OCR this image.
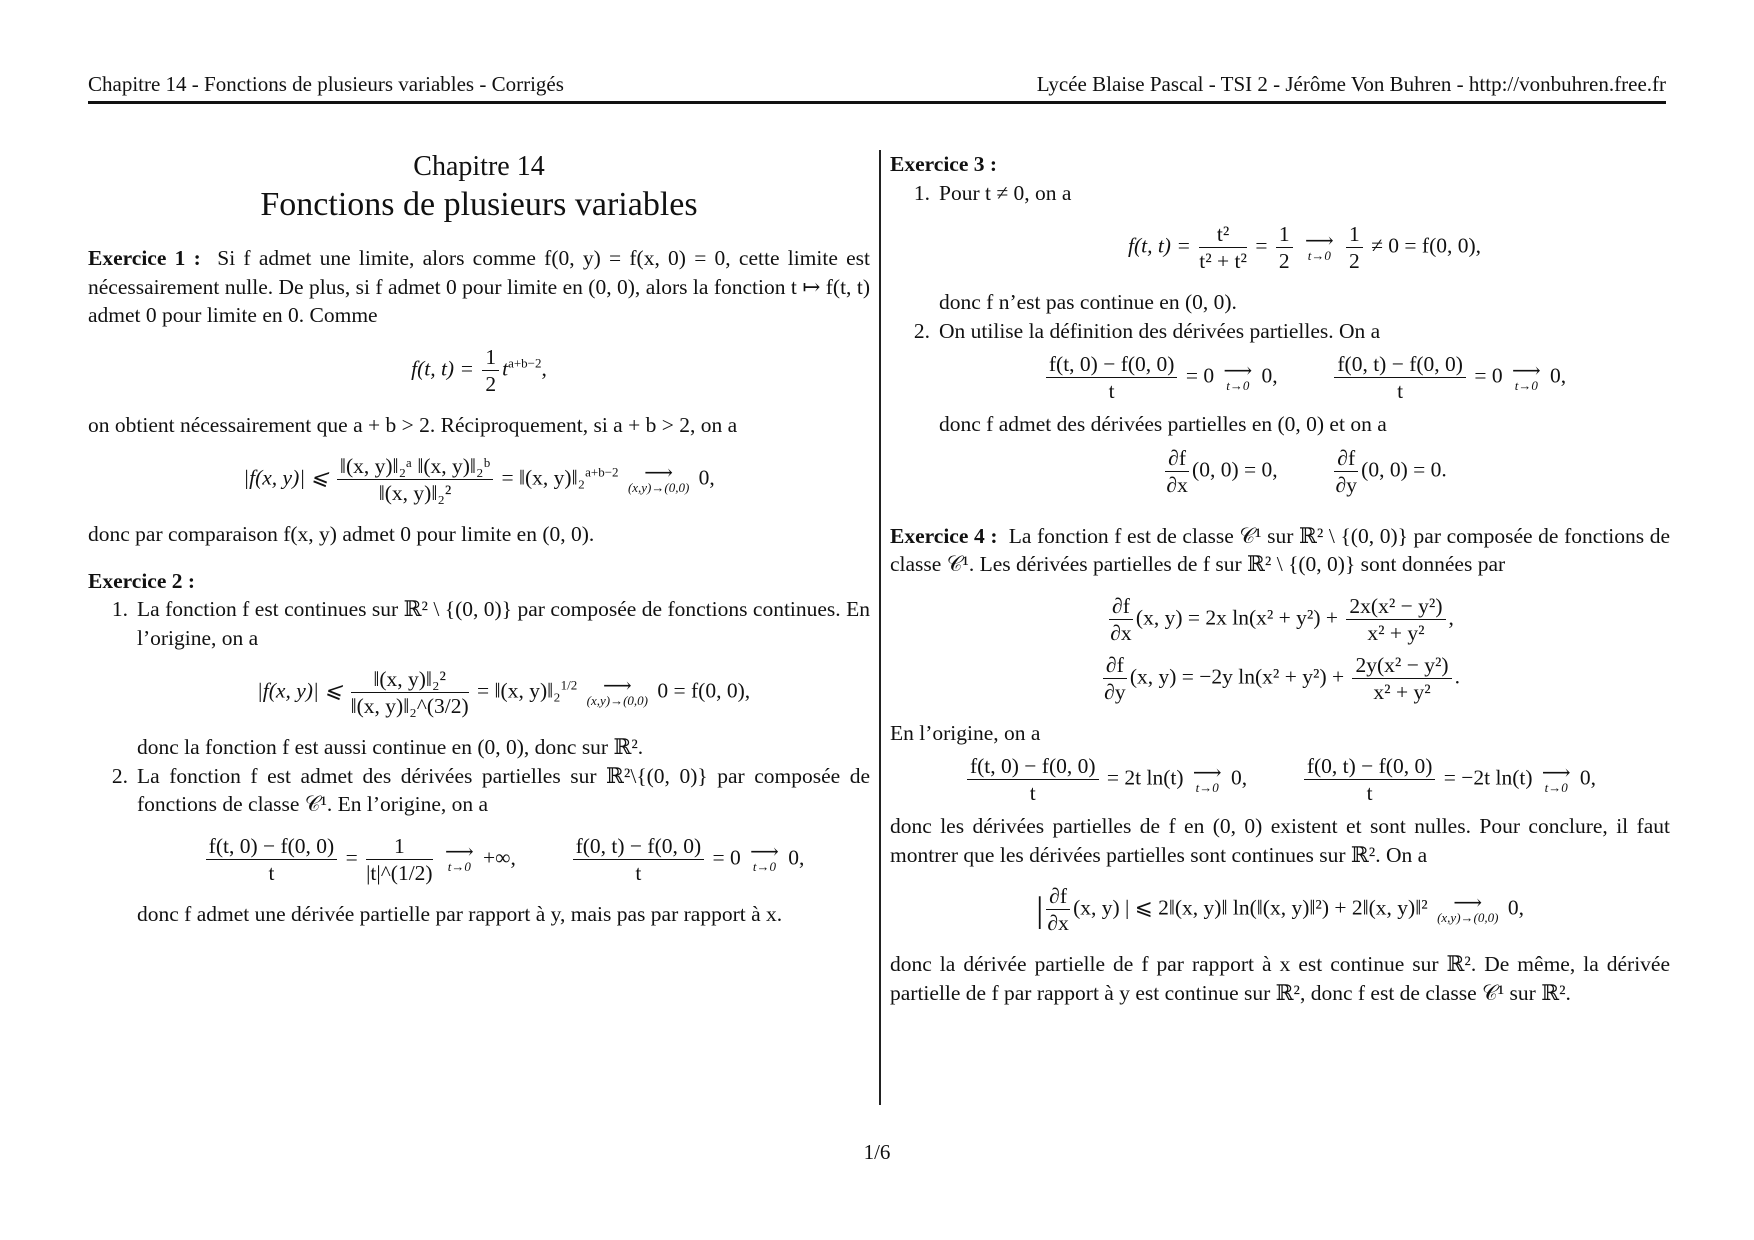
Chapitre 14 - Fonctions de plusieurs variables - Corrigés	Lycée Blaise Pascal - TSI 2 - Jérôme Von Buhren - http://vonbuhren.free.fr
Chapitre 14
Fonctions de plusieurs variables

Exercice 1 : Si f admet une limite, alors comme f(0, y) = f(x, 0) = 0, cette limite est nécessairement nulle. De plus, si f admet 0 pour limite en (0, 0), alors la fonction t ↦ f(t, t) admet 0 pour limite en 0. Comme

f(t, $t) = \frac{1}{2} t^{a+b-2}$,

on obtient nécessairement que a + b > 2. Réciproquement, si a + b > 2, on a

|f(x, y)| ⩽ $\frac{\text{‖(x, y)‖₂ᵃ ‖(x, y)‖₂ᵇ}}{\text{‖(x, y)‖₂²}}$ = ‖(x, y)‖₂$^{a+b-2}$ ⟶
(x,y)→(0,0) 0,

donc par comparaison f(x, y) admet 0 pour limite en (0, 0).

Exercice 2 :

1. La fonction f est continues sur ℝ² \ {(0, 0)} par composée de fonctions continues. En l’origine, on a

|f(x, y)| ⩽ $\frac{\text{‖(x, y)‖₂²}}{\text{‖(x, y)‖₂\textasciicircum{}(3/2)}}$ = ‖(x, y)‖₂$^{1/2}$ ⟶
(x,y)→(0,0) 0 = f(0, 0),

donc la fonction f est aussi continue en (0, 0), donc sur ℝ².

2. La fonction f est admet des dérivées partielles sur ℝ²\{(0, 0)} par composée de fonctions de classe 𝒞¹. En l’origine, on a

$\frac{f(t, 0) - f(0, 0)}{t} = \frac{1}{|t|\^{}(1/2)}$
⟶
t→0 +∞,   	$\frac{f(0, t) - f(0, 0)}{t} = 0$ ⟶
t→0 0,

donc f admet une dérivée partielle par rapport à y, mais pas par rapport à x.

Exercice 3 :

1. Pour t ≠ 0, on a

f(t, $t) = \frac{\text{t²}}{\text{t² + t²}} = \frac{1}{2}$
⟶
t→0
$\frac{1}{2} \ne 0 = f(0$, 0),

donc f n’est pas continue en (0, 0).

2. On utilise la définition des dérivées partielles. On a

$\frac{f(t, 0) - f(0, 0)}{t} = 0$ ⟶
t→0 0,   	$\frac{f(0, t) - f(0, 0)}{t} = 0$ ⟶
t→0 0,

donc f admet des dérivées partielles en (0, 0) et on a

$\frac{\partial f}{\partial x} (0$, 0) = 0,   	$\frac{\partial f}{\partial y} (0$, 0) = 0.

Exercice 4 : La fonction f est de classe 𝒞¹ sur ℝ² \ {(0, 0)} par composée de fonctions de classe 𝒞¹. Les dérivées partielles de f sur ℝ² \ {(0, 0)} sont données par

$\frac{\partial f}{\partial x} (x$, y) = 2x $\ln(x^2 + y^2) + \frac{\text{2x(x² − y²)}}{\text{x² + y²}}$ ,
$\frac{\partial f}{\partial y} (x$, y) = −2y $\ln(x^2 + y^2) + \frac{\text{2y(x² − y²)}}{\text{x² + y²}}$ .

En l’origine, on a

$\frac{f(t, 0) - f(0, 0)}{t} = 2t$ ln(t) ⟶
t→0 0,   	$\frac{f(0, t) - f(0, 0)}{t} = -2t$ ln(t) ⟶
t→0 0,

donc les dérivées partielles de f en (0, 0) existent et sont nulles. Pour conclure, il faut montrer que les dérivées partielles sont continues sur ℝ². On a

| $\frac{\partial f}{\partial x} (x$, y) | ⩽ 2‖(x, y)‖ ln(‖(x, y)‖²) + 2‖(x, y)‖² ⟶
(x,y)→(0,0) 0,

donc la dérivée partielle de f par rapport à x est continue sur ℝ². De même, la dérivée partielle de f par rapport à y est continue sur ℝ², donc f est de classe 𝒞¹ sur ℝ².

1/6
